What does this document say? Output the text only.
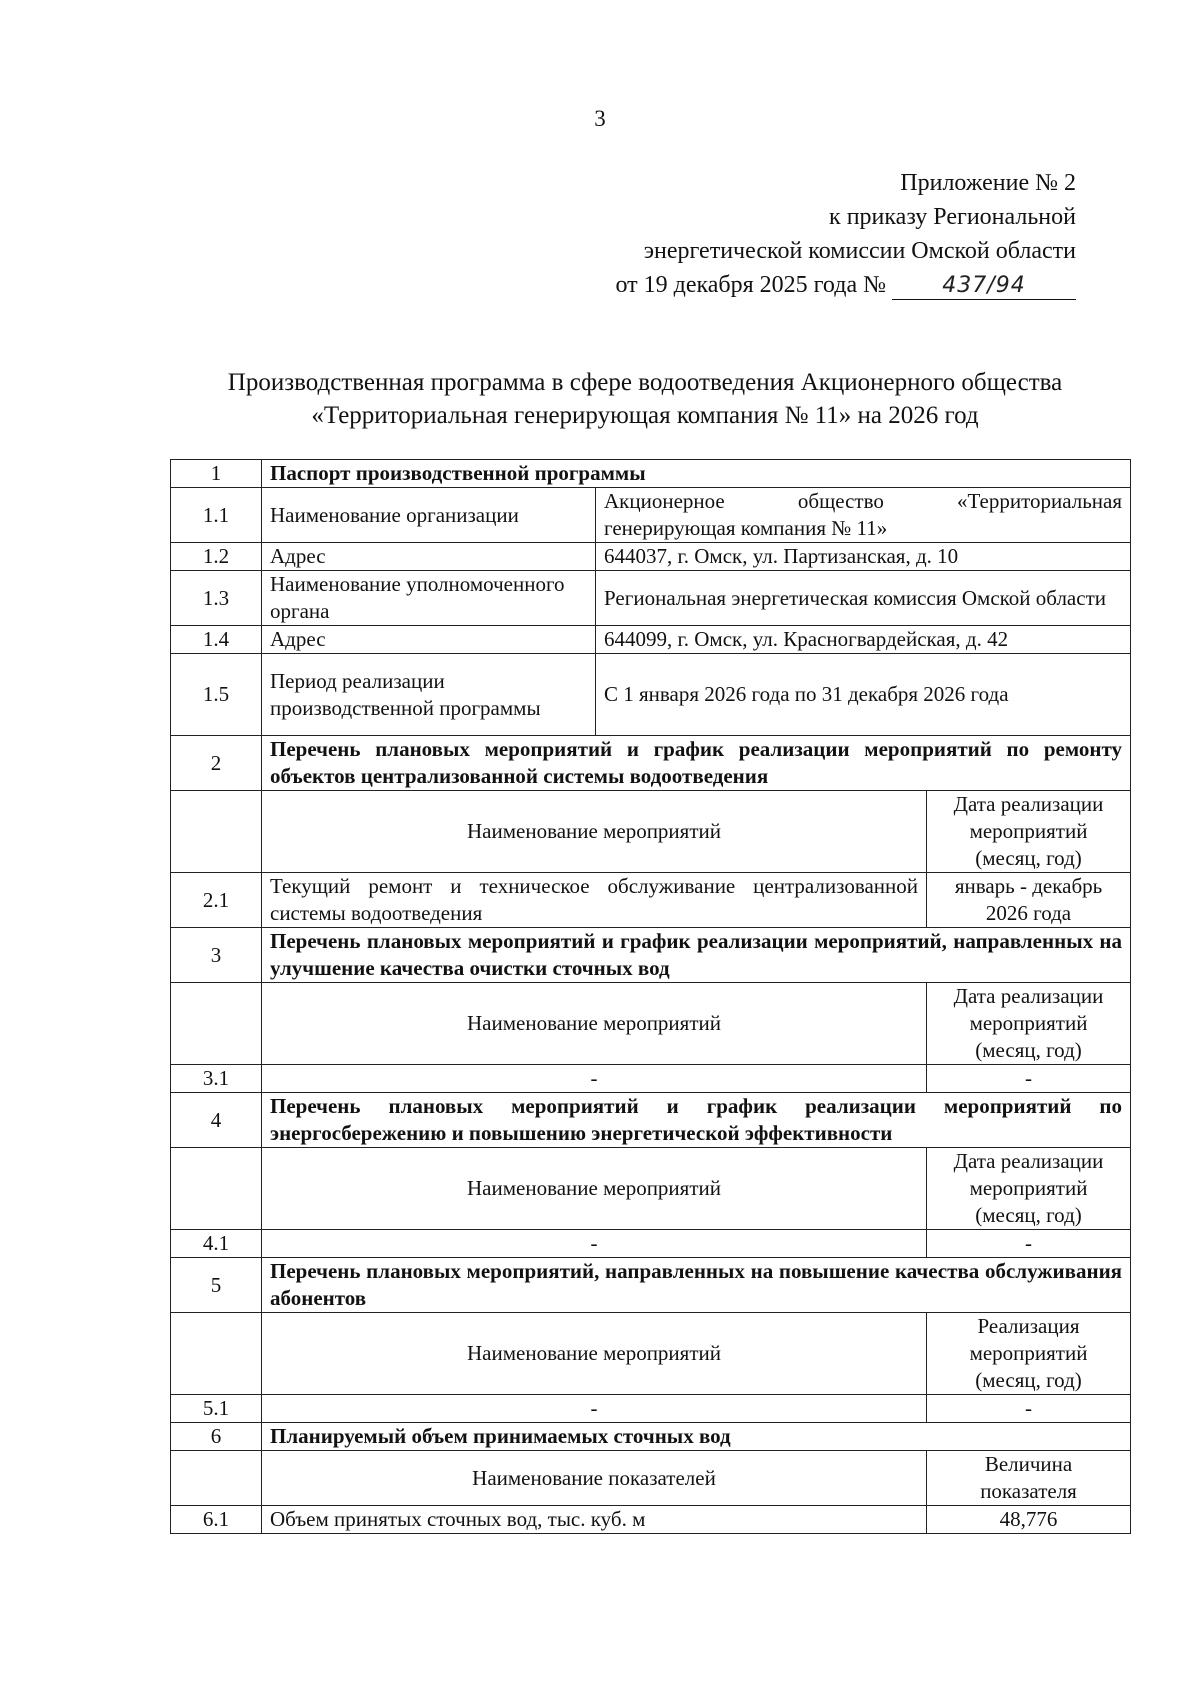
3
Приложение № 2
к приказу Региональной
энергетической комиссии Омской области
от 19 декабря 2025 года №	437/94
Производственная программа в сфере водоотведения Акционерного общества
«Территориальная генерирующая компания № 11» на 2026 год
1	Паспорт производственной программы		
1.1	Наименование организации	Акционерное общество «Территориальная генерирующая компания № 11»	
1.2	Адрес	644037, г. Омск, ул. Партизанская, д. 10	
1.3	Наименование уполномоченного органа	Региональная энергетическая комиссия Омской области	
1.4	Адрес	644099, г. Омск, ул. Красногвардейская, д. 42	
1.5	Период реализации производственной программы	С 1 января 2026 года по 31 декабря 2026 года	
2	Перечень плановых мероприятий и график реализации мероприятий по ремонту объектов централизованной системы водоотведения		
	Наименование мероприятий		Дата реализации мероприятий (месяц, год)
2.1	Текущий ремонт и техническое обслуживание централизованной системы водоотведения		январь - декабрь 2026 года
3	Перечень плановых мероприятий и график реализации мероприятий, направленных на улучшение качества очистки сточных вод		
	Наименование мероприятий		Дата реализации мероприятий (месяц, год)
3.1	-		-
4	Перечень плановых мероприятий и график реализации мероприятий по энергосбережению и повышению энергетической эффективности		
	Наименование мероприятий		Дата реализации мероприятий (месяц, год)
4.1	-		-
5	Перечень плановых мероприятий, направленных на повышение качества обслуживания абонентов		
	Наименование мероприятий		Реализация мероприятий (месяц, год)
5.1	-		-
6	Планируемый объем принимаемых сточных вод		
	Наименование показателей		Величина показателя
6.1	Объем принятых сточных вод, тыс. куб. м		48,776
